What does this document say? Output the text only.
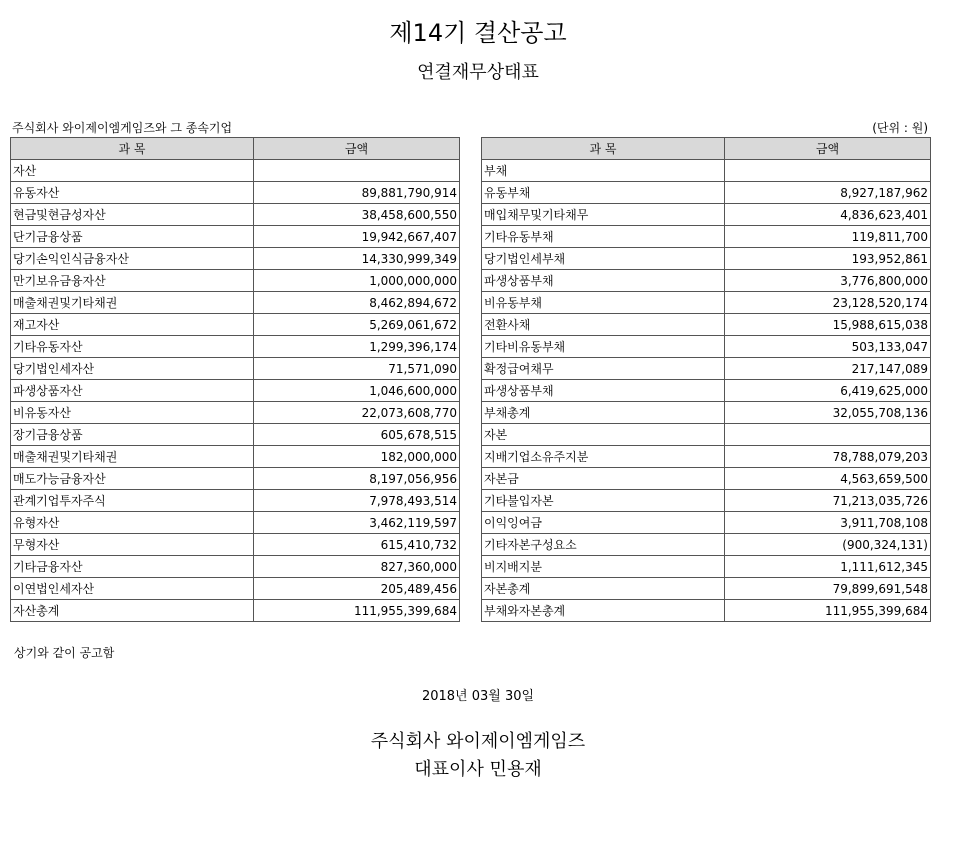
제14기 결산공고
연결재무상태표
주식회사 와이제이엠게임즈와 그 종속기업	(단위 : 원)
과 목	금액
자산	
유동자산	89,881,790,914
현금및현금성자산	38,458,600,550
단기금융상품	19,942,667,407
당기손익인식금융자산	14,330,999,349
만기보유금융자산	1,000,000,000
매출채권및기타채권	8,462,894,672
재고자산	5,269,061,672
기타유동자산	1,299,396,174
당기법인세자산	71,571,090
파생상품자산	1,046,600,000
비유동자산	22,073,608,770
장기금융상품	605,678,515
매출채권및기타채권	182,000,000
매도가능금융자산	8,197,056,956
관계기업투자주식	7,978,493,514
유형자산	3,462,119,597
무형자산	615,410,732
기타금융자산	827,360,000
이연법인세자산	205,489,456
자산총계	111,955,399,684
과 목	금액
부채	
유동부채	8,927,187,962
매입채무및기타채무	4,836,623,401
기타유동부채	119,811,700
당기법인세부채	193,952,861
파생상품부채	3,776,800,000
비유동부채	23,128,520,174
전환사채	15,988,615,038
기타비유동부채	503,133,047
확정급여채무	217,147,089
파생상품부채	6,419,625,000
부채총계	32,055,708,136
자본	
지배기업소유주지분	78,788,079,203
자본금	4,563,659,500
기타불입자본	71,213,035,726
이익잉여금	3,911,708,108
기타자본구성요소	(900,324,131)
비지배지분	1,111,612,345
자본총계	79,899,691,548
부채와자본총계	111,955,399,684
상기와 같이 공고함
2018년 03월 30일
주식회사 와이제이엠게임즈
대표이사 민용재
